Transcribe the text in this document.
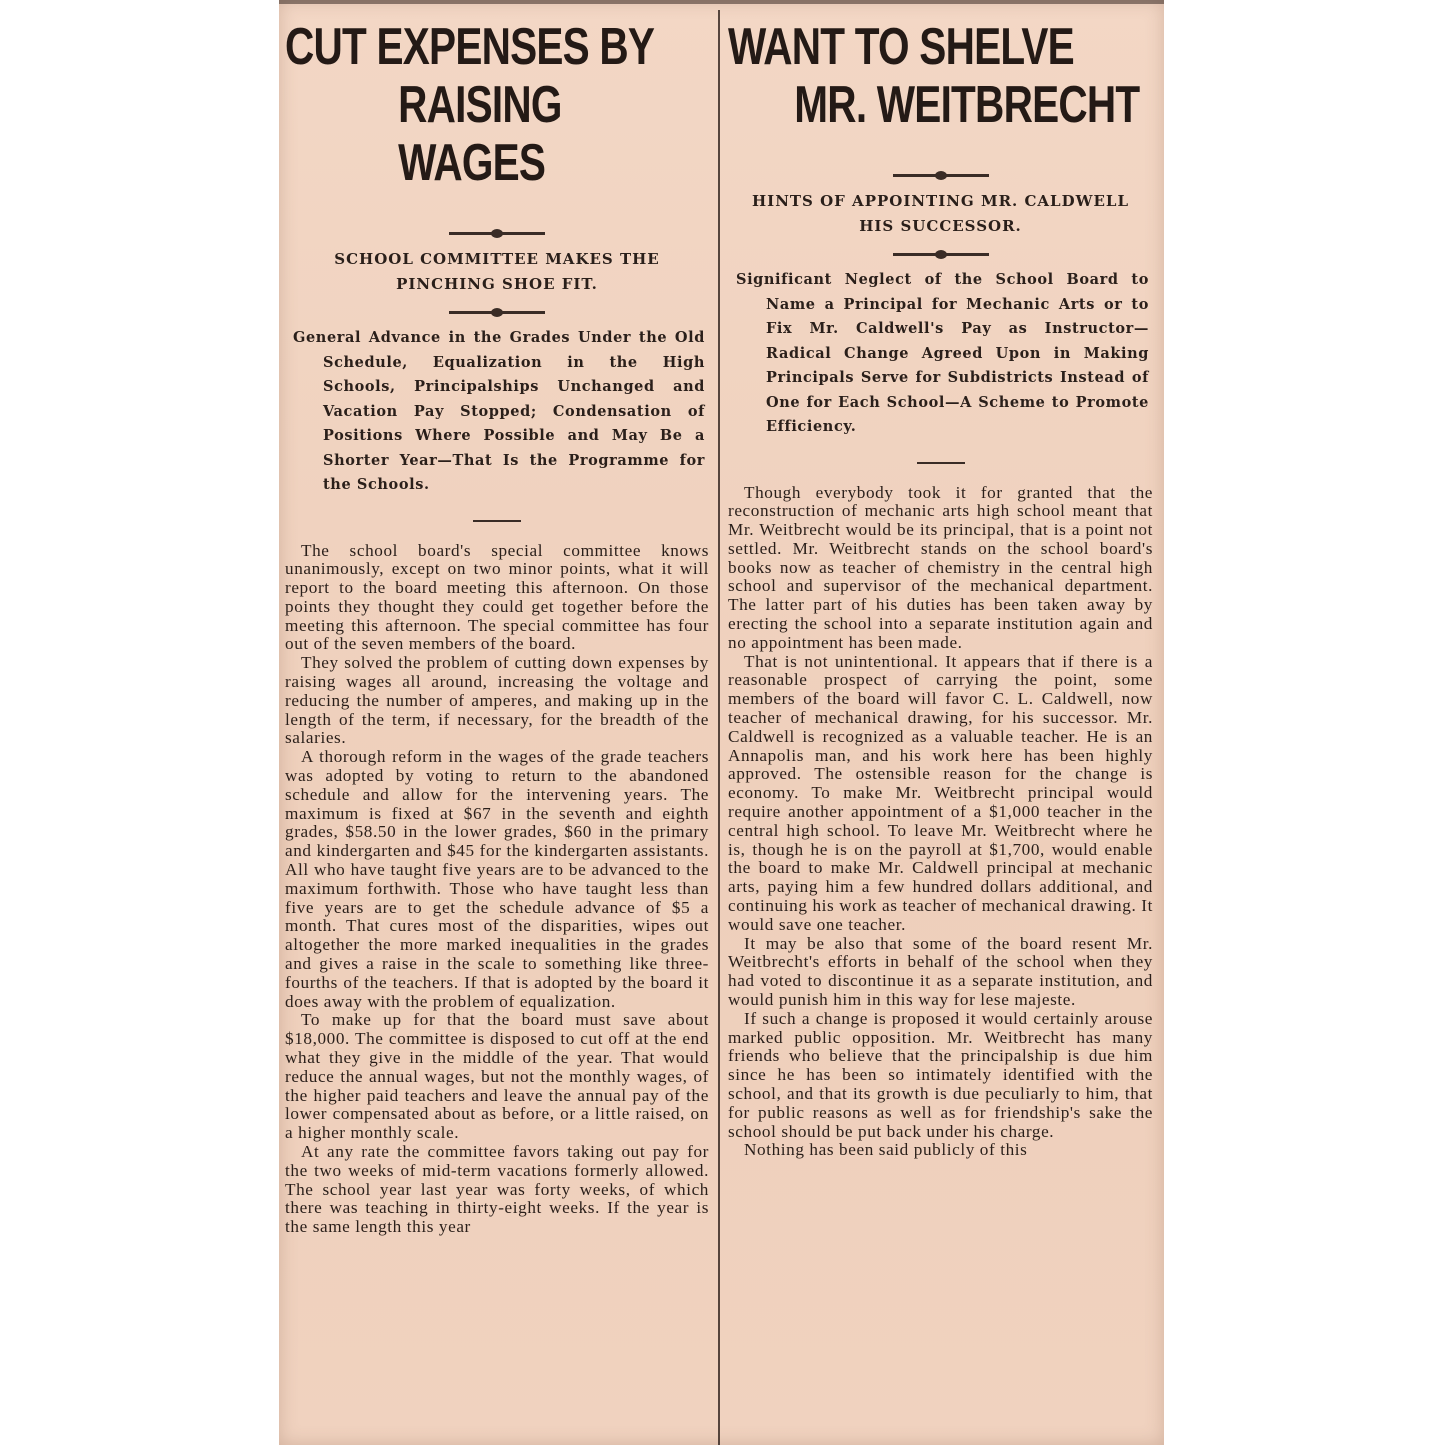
CUT EXPENSES BY
RAISING WAGES
SCHOOL COMMITTEE MAKES THE PINCHING SHOE FIT.
General Advance in the Grades Under the Old Schedule, Equalization in the High Schools, Principalships Unchanged and Vacation Pay Stopped; Condensation of Positions Where Possible and May Be a Shorter Year—That Is the Programme for the Schools.

The school board's special committee knows unanimously, except on two minor points, what it will report to the board meeting this afternoon. On those points they thought they could get together before the meeting this afternoon. The special committee has four out of the seven members of the board.

They solved the problem of cutting down expenses by raising wages all around, increasing the voltage and reducing the number of amperes, and making up in the length of the term, if necessary, for the breadth of the salaries.

A thorough reform in the wages of the grade teachers was adopted by voting to return to the abandoned schedule and allow for the intervening years. The maximum is fixed at $67 in the seventh and eighth grades, $58.50 in the lower grades, $60 in the primary and kindergarten and $45 for the kindergarten assistants. All who have taught five years are to be advanced to the maximum forthwith. Those who have taught less than five years are to get the schedule advance of $5 a month. That cures most of the disparities, wipes out altogether the more marked inequalities in the grades and gives a raise in the scale to something like three-fourths of the teachers. If that is adopted by the board it does away with the problem of equalization.

To make up for that the board must save about $18,000. The committee is disposed to cut off at the end what they give in the middle of the year. That would reduce the annual wages, but not the monthly wages, of the higher paid teachers and leave the annual pay of the lower compensated about as before, or a little raised, on a higher monthly scale.

At any rate the committee favors taking out pay for the two weeks of mid-term vacations formerly allowed. The school year last year was forty weeks, of which there was teaching in thirty-eight weeks. If the year is the same length this year

WANT TO SHELVE
MR. WEITBRECHT
HINTS OF APPOINTING MR. CALDWELL HIS SUCCESSOR.
Significant Neglect of the School Board to Name a Principal for Mechanic Arts or to Fix Mr. Caldwell's Pay as Instructor—Radical Change Agreed Upon in Making Principals Serve for Subdistricts Instead of One for Each School—A Scheme to Promote Efficiency.

Though everybody took it for granted that the reconstruction of mechanic arts high school meant that Mr. Weitbrecht would be its principal, that is a point not settled. Mr. Weitbrecht stands on the school board's books now as teacher of chemistry in the central high school and supervisor of the mechanical department. The latter part of his duties has been taken away by erecting the school into a separate institution again and no appointment has been made.

That is not unintentional. It appears that if there is a reasonable prospect of carrying the point, some members of the board will favor C. L. Caldwell, now teacher of mechanical drawing, for his successor. Mr. Caldwell is recognized as a valuable teacher. He is an Annapolis man, and his work here has been highly approved. The ostensible reason for the change is economy. To make Mr. Weitbrecht principal would require another appointment of a $1,000 teacher in the central high school. To leave Mr. Weitbrecht where he is, though he is on the payroll at $1,700, would enable the board to make Mr. Caldwell principal at mechanic arts, paying him a few hundred dollars additional, and continuing his work as teacher of mechanical drawing. It would save one teacher.

It may be also that some of the board resent Mr. Weitbrecht's efforts in behalf of the school when they had voted to discontinue it as a separate institution, and would punish him in this way for lese majeste.

If such a change is proposed it would certainly arouse marked public opposition. Mr. Weitbrecht has many friends who believe that the principalship is due him since he has been so intimately identified with the school, and that its growth is due peculiarly to him, that for public reasons as well as for friendship's sake the school should be put back under his charge.

Nothing has been said publicly of this
